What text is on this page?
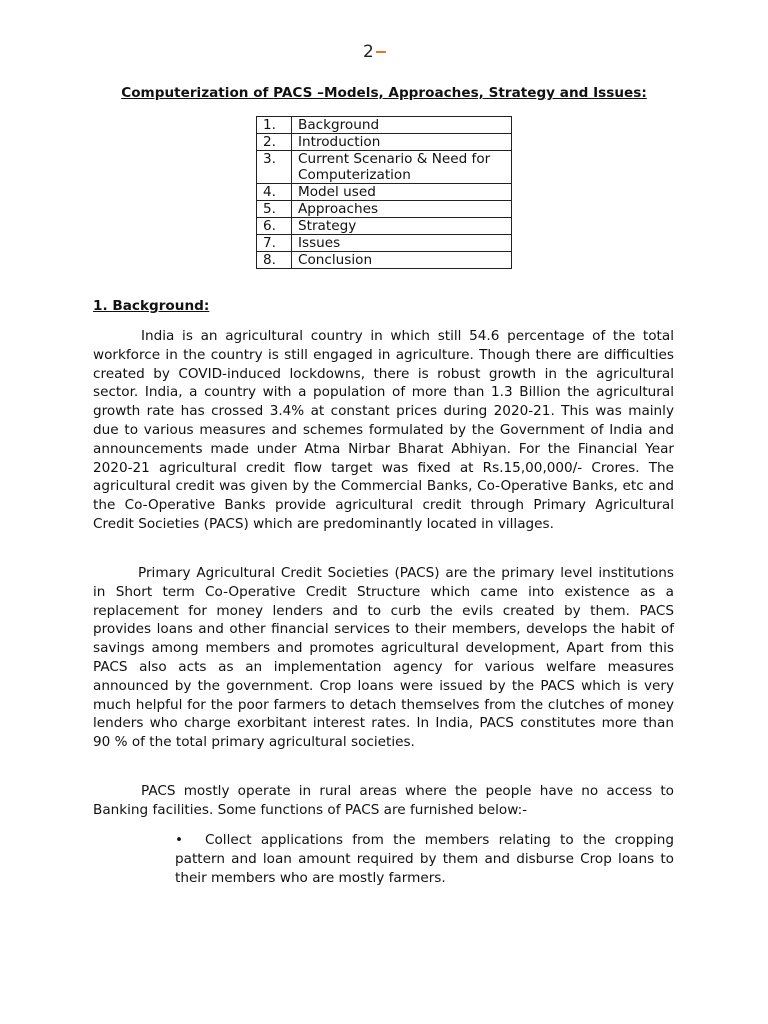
2
Computerization of PACS –Models, Approaches, Strategy and Issues:
1.	Background
2.	Introduction
3.	Current Scenario & Need for Computerization
4.	Model used
5.	Approaches
6.	Strategy
7.	Issues
8.	Conclusion
1. Background:

India is an agricultural country in which still 54.6 percentage of the total workforce in the country is still engaged in agriculture. Though there are difficulties created by COVID-induced lockdowns, there is robust growth in the agricultural sector. India, a country with a population of more than 1.3 Billion the agricultural growth rate has crossed 3.4% at constant prices during 2020-21. This was mainly due to various measures and schemes formulated by the Government of India and announcements made under Atma Nirbar Bharat Abhiyan. For the Financial Year 2020-21 agricultural credit flow target was fixed at Rs.15,00,000/- Crores. The agricultural credit was given by the Commercial Banks, Co-Operative Banks, etc and the Co-Operative Banks provide agricultural credit through Primary Agricultural Credit Societies (PACS) which are predominantly located in villages.

Primary Agricultural Credit Societies (PACS) are the primary level institutions in Short term Co-Operative Credit Structure which came into existence as a replacement for money lenders and to curb the evils created by them. PACS provides loans and other financial services to their members, develops the habit of savings among members and promotes agricultural development, Apart from this PACS also acts as an implementation agency for various welfare measures announced by the government. Crop loans were issued by the PACS which is very much helpful for the poor farmers to detach themselves from the clutches of money lenders who charge exorbitant interest rates. In India, PACS constitutes more than 90 % of the total primary agricultural societies.

PACS mostly operate in rural areas where the people have no access to Banking facilities. Some functions of PACS are furnished below:-

•	Collect applications from the members relating to the cropping pattern and loan amount required by them and disburse Crop loans to their members who are mostly farmers.
